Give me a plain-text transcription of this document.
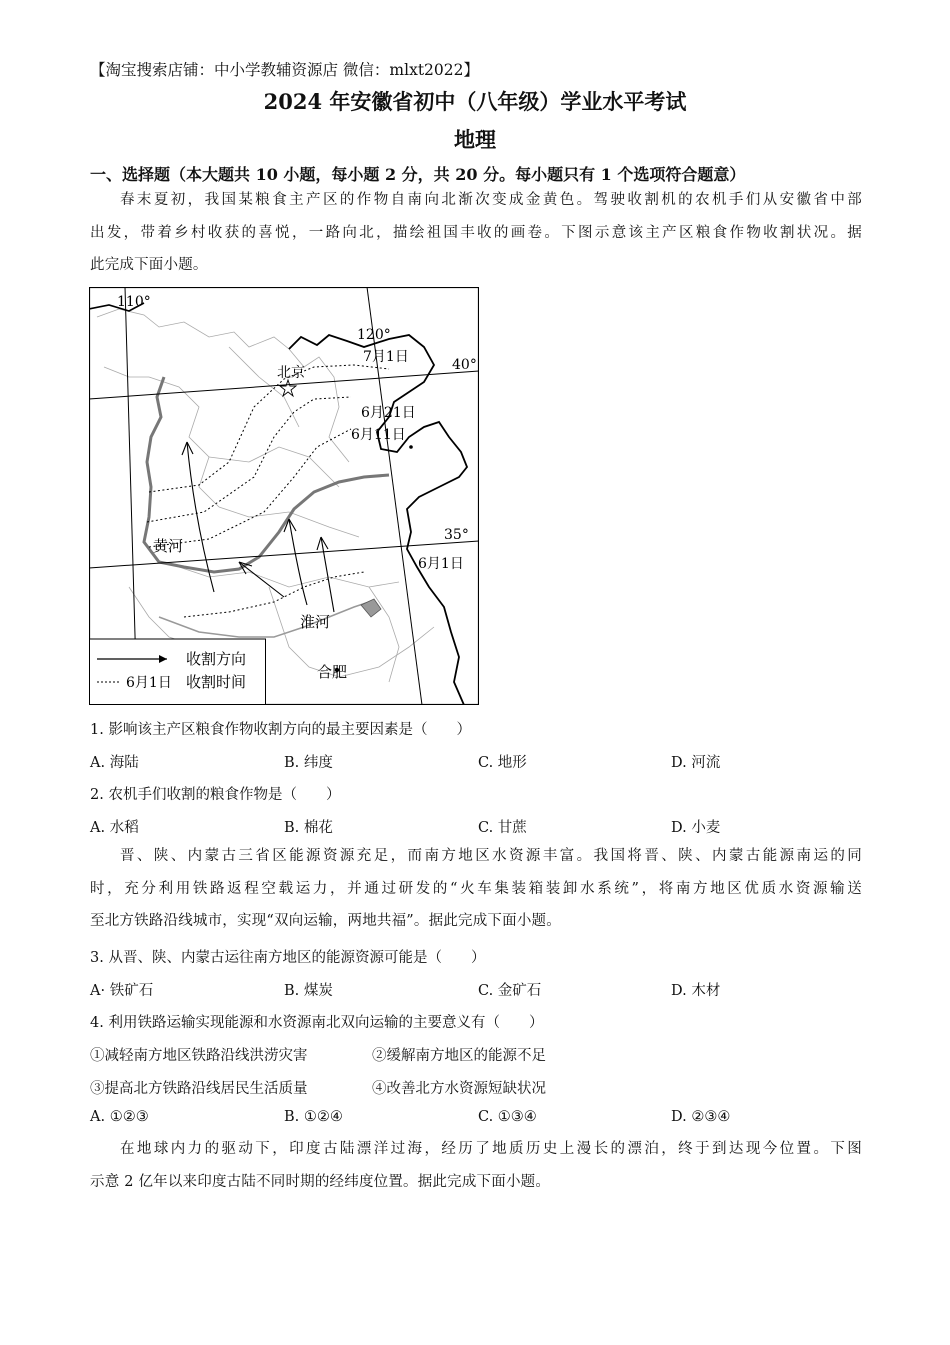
【淘宝搜索店铺：中小学教辅资源店 微信：mlxt2022】
2024 年安徽省初中（八年级）学业水平考试
地理
一、选择题（本大题共 10 小题，每小题 2 分，共 20 分。每小题只有 1 个选项符合题意）
春末夏初，我国某粮食主产区的作物自南向北渐次变成金黄色。驾驶收割机的农机手们从安徽省中部
出发，带着乡村收获的喜悦，一路向北，描绘祖国丰收的画卷。下图示意该主产区粮食作物收割状况。据
此完成下面小题。
110°
120°
40°
35°
北京
黄河
淮河
合肥
7月1日
6月21日
6月11日
6月1日
收割方向
6月1日 收割时间
1. 影响该主产区粮食作物收割方向的最主要因素是（　　）
A. 海陆	B. 纬度	C. 地形	D. 河流
2. 农机手们收割的粮食作物是（　　）
A. 水稻	B. 棉花	C. 甘蔗	D. 小麦
晋、陕、内蒙古三省区能源资源充足，而南方地区水资源丰富。我国将晋、陕、内蒙古能源南运的同
时，充分利用铁路返程空载运力，并通过研发的“火车集装箱装卸水系统”，将南方地区优质水资源输送
至北方铁路沿线城市，实现“双向运输，两地共福”。据此完成下面小题。
3. 从晋、陕、内蒙古运往南方地区的能源资源可能是（　　）
A· 铁矿石	B. 煤炭	C. 金矿石	D. 木材
4. 利用铁路运输实现能源和水资源南北双向运输的主要意义有（　　）
①减轻南方地区铁路沿线洪涝灾害	②缓解南方地区的能源不足
③提高北方铁路沿线居民生活质量	④改善北方水资源短缺状况
A. ①②③	B. ①②④	C. ①③④	D. ②③④
在地球内力的驱动下，印度古陆漂洋过海，经历了地质历史上漫长的漂泊，终于到达现今位置。下图
示意 2 亿年以来印度古陆不同时期的经纬度位置。据此完成下面小题。
